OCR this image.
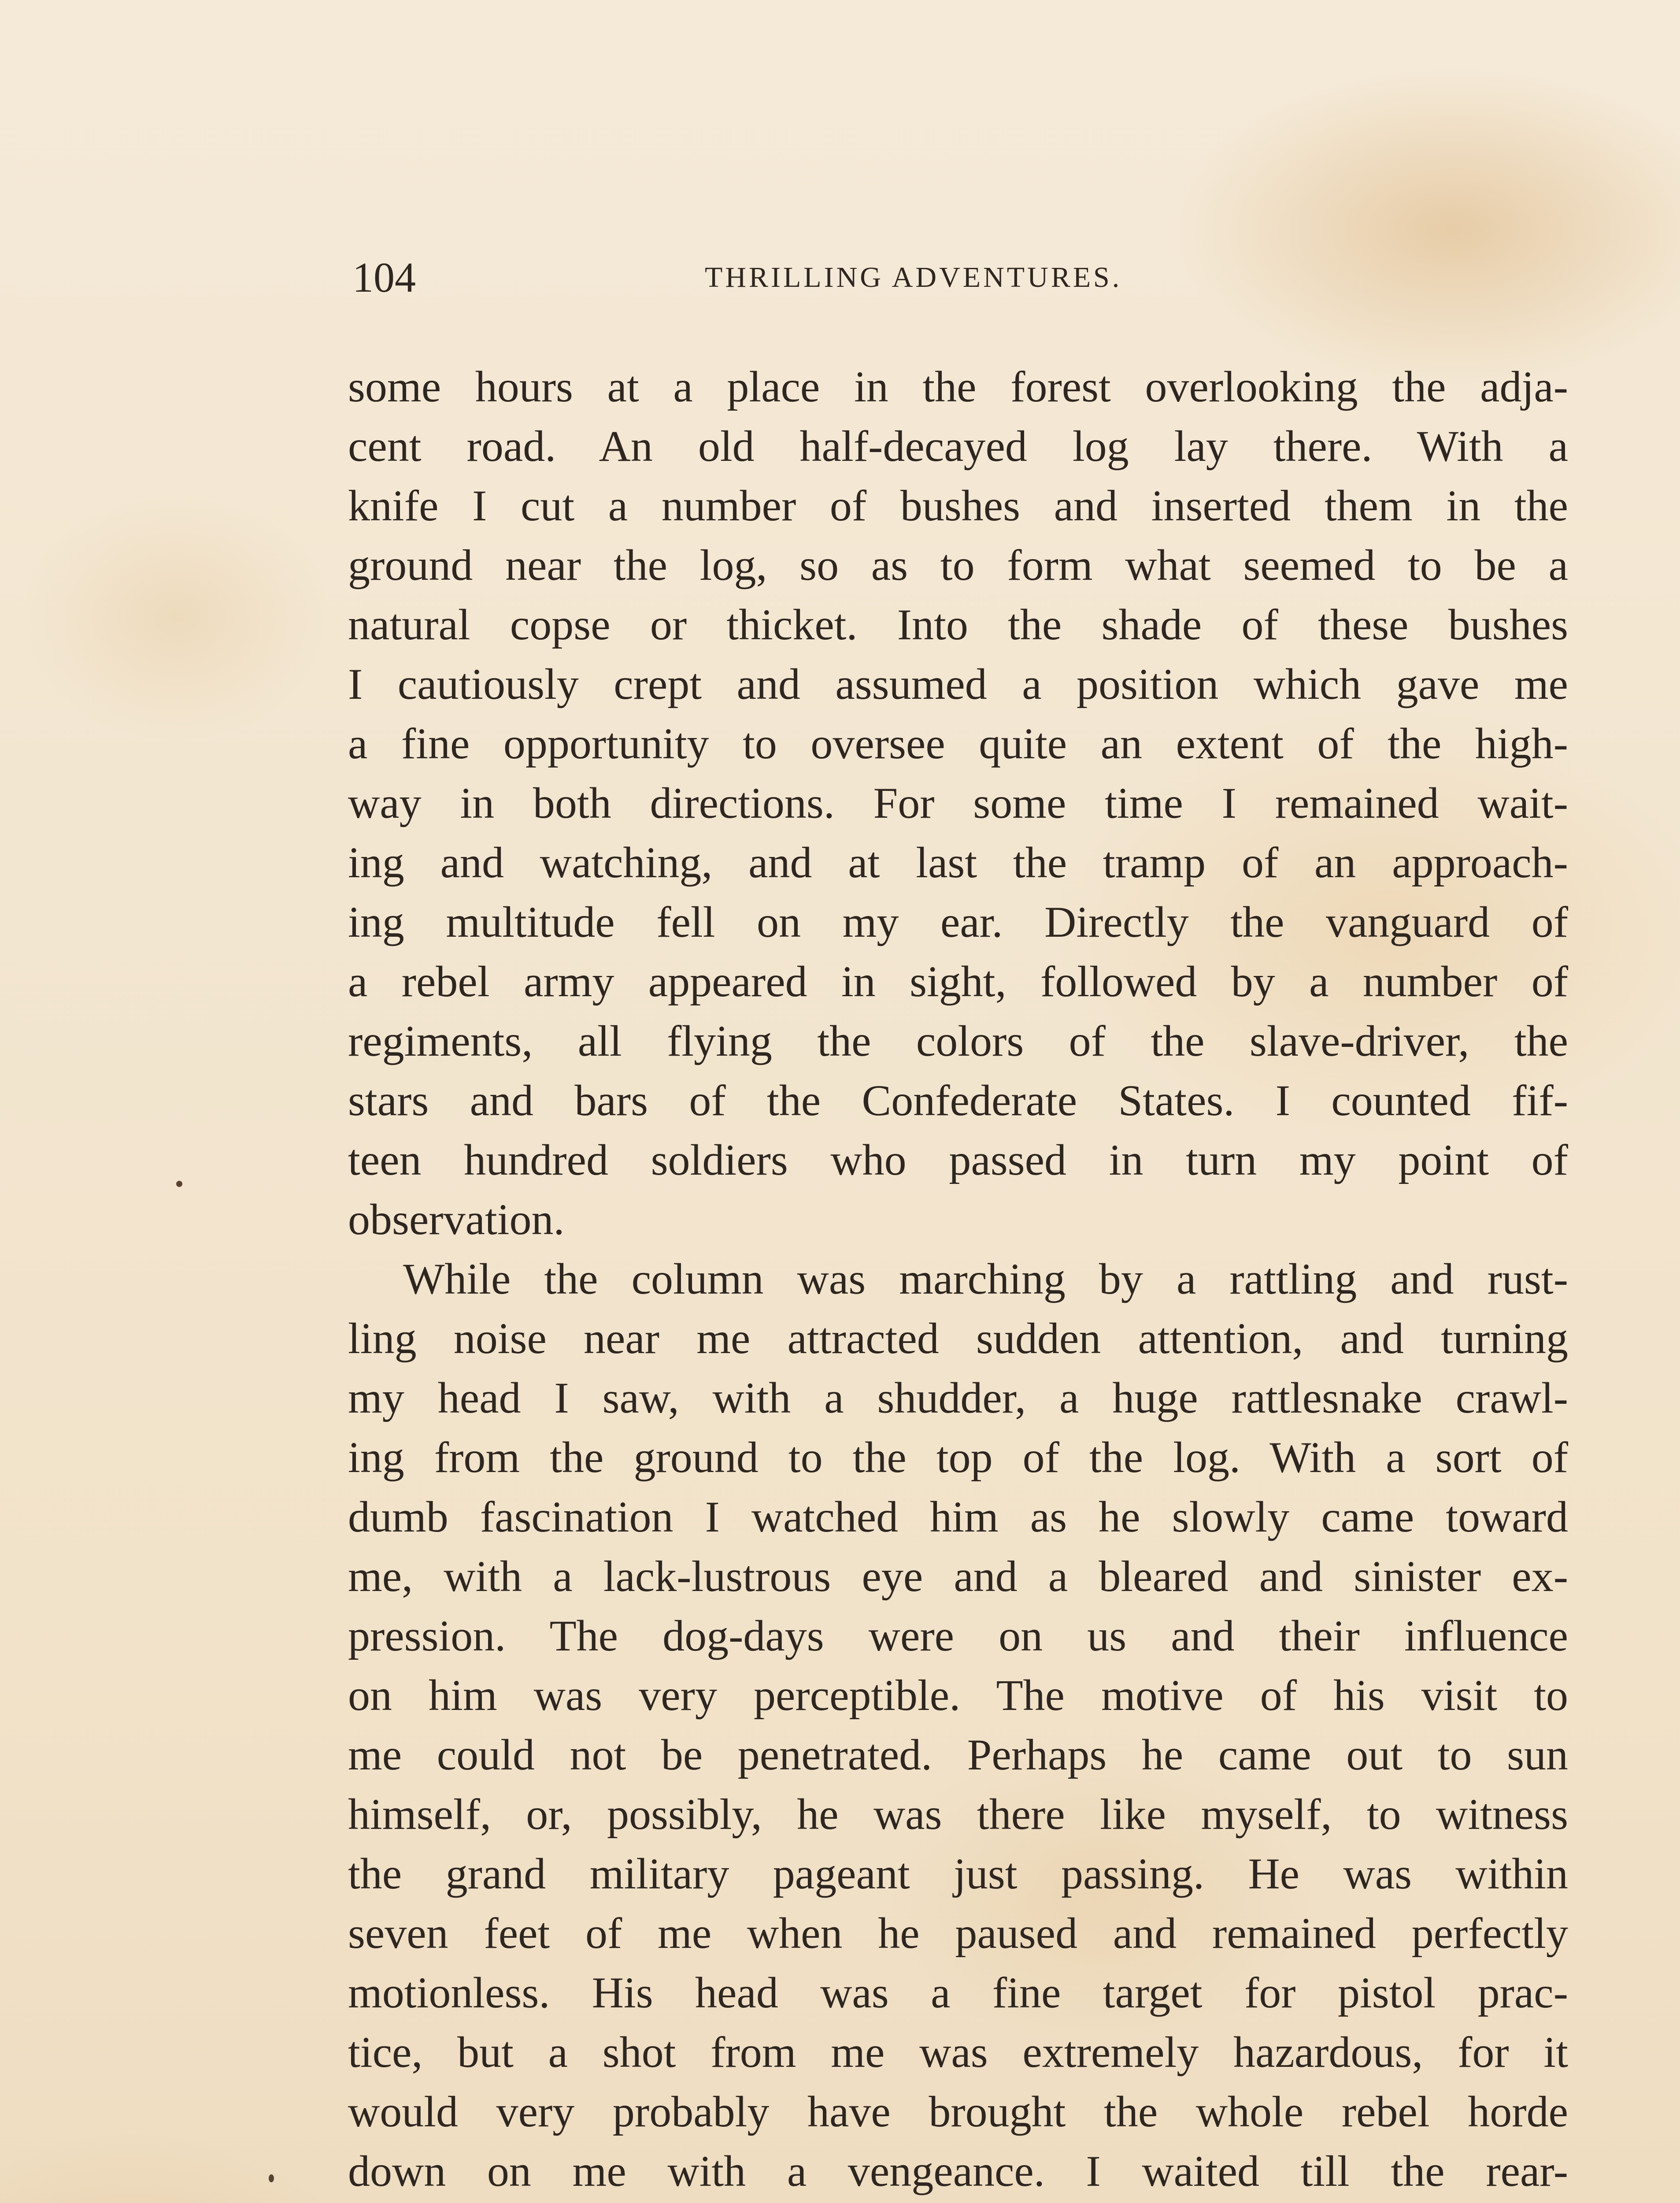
104	THRILLING ADVENTURES.
some hours at a place in the forest overlooking the adja-
cent road. An old half-decayed log lay there. With a
knife I cut a number of bushes and inserted them in the
ground near the log, so as to form what seemed to be a
natural copse or thicket. Into the shade of these bushes
I cautiously crept and assumed a position which gave me
a fine opportunity to oversee quite an extent of the high-
way in both directions. For some time I remained wait-
ing and watching, and at last the tramp of an approach-
ing multitude fell on my ear. Directly the vanguard of
a rebel army appeared in sight, followed by a number of
regiments, all flying the colors of the slave-driver, the
stars and bars of the Confederate States. I counted fif-
teen hundred soldiers who passed in turn my point of
observation.
While the column was marching by a rattling and rust-
ling noise near me attracted sudden attention, and turning
my head I saw, with a shudder, a huge rattlesnake crawl-
ing from the ground to the top of the log. With a sort of
dumb fascination I watched him as he slowly came toward
me, with a lack-lustrous eye and a bleared and sinister ex-
pression. The dog-days were on us and their influence
on him was very perceptible. The motive of his visit to
me could not be penetrated. Perhaps he came out to sun
himself, or, possibly, he was there like myself, to witness
the grand military pageant just passing. He was within
seven feet of me when he paused and remained perfectly
motionless. His head was a fine target for pistol prac-
tice, but a shot from me was extremely hazardous, for it
would very probably have brought the whole rebel horde
down on me with a vengeance. I waited till the rear-
